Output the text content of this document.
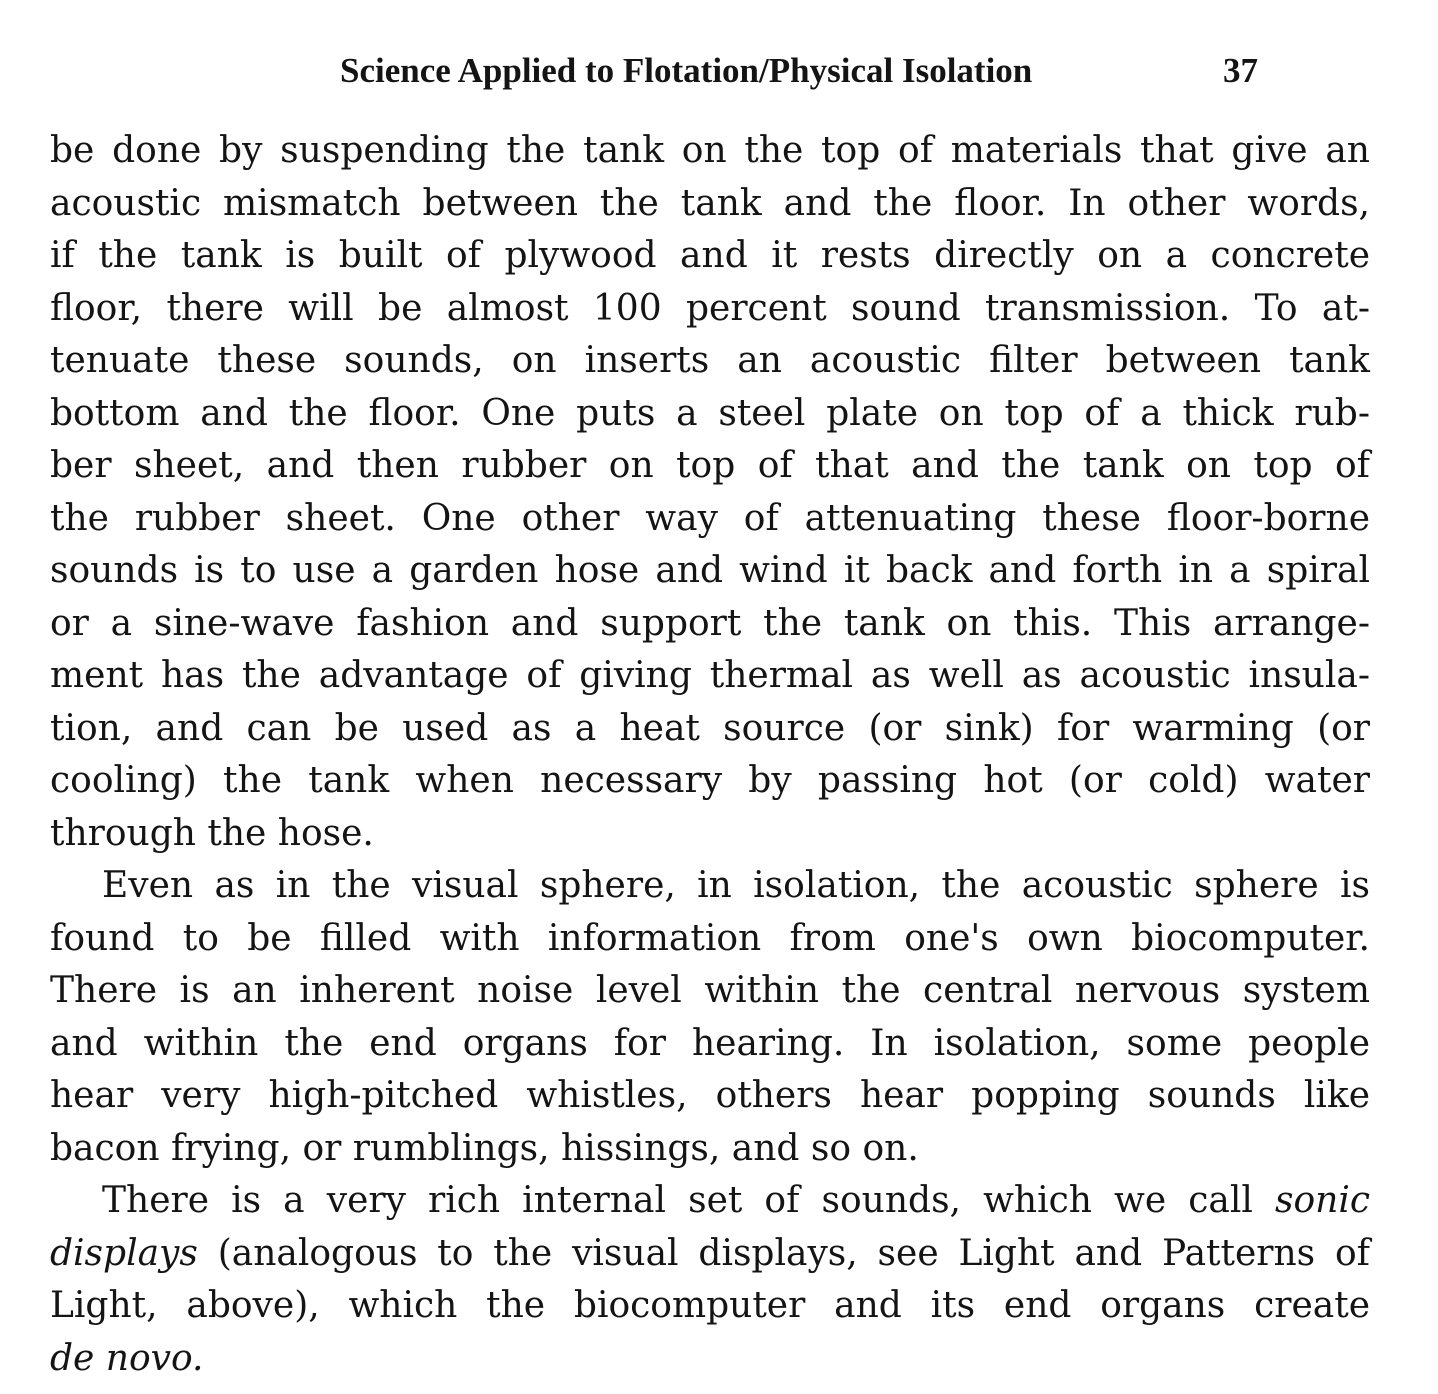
Science Applied to Flotation/Physical Isolation	37
be done by suspending the tank on the top of materials that give an
acoustic mismatch between the tank and the floor. In other words,
if the tank is built of plywood and it rests directly on a concrete
floor, there will be almost 100 percent sound transmission. To at-
tenuate these sounds, on inserts an acoustic filter between tank
bottom and the floor. One puts a steel plate on top of a thick rub-
ber sheet, and then rubber on top of that and the tank on top of
the rubber sheet. One other way of attenuating these floor-borne
sounds is to use a garden hose and wind it back and forth in a spiral
or a sine-wave fashion and support the tank on this. This arrange-
ment has the advantage of giving thermal as well as acoustic insula-
tion, and can be used as a heat source (or sink) for warming (or
cooling) the tank when necessary by passing hot (or cold) water
through the hose.
Even as in the visual sphere, in isolation, the acoustic sphere is
found to be filled with information from one's own biocomputer.
There is an inherent noise level within the central nervous system
and within the end organs for hearing. In isolation, some people
hear very high-pitched whistles, others hear popping sounds like
bacon frying, or rumblings, hissings, and so on.
There is a very rich internal set of sounds, which we call sonic
displays (analogous to the visual displays, see Light and Patterns of
Light, above), which the biocomputer and its end organs create
de novo.
